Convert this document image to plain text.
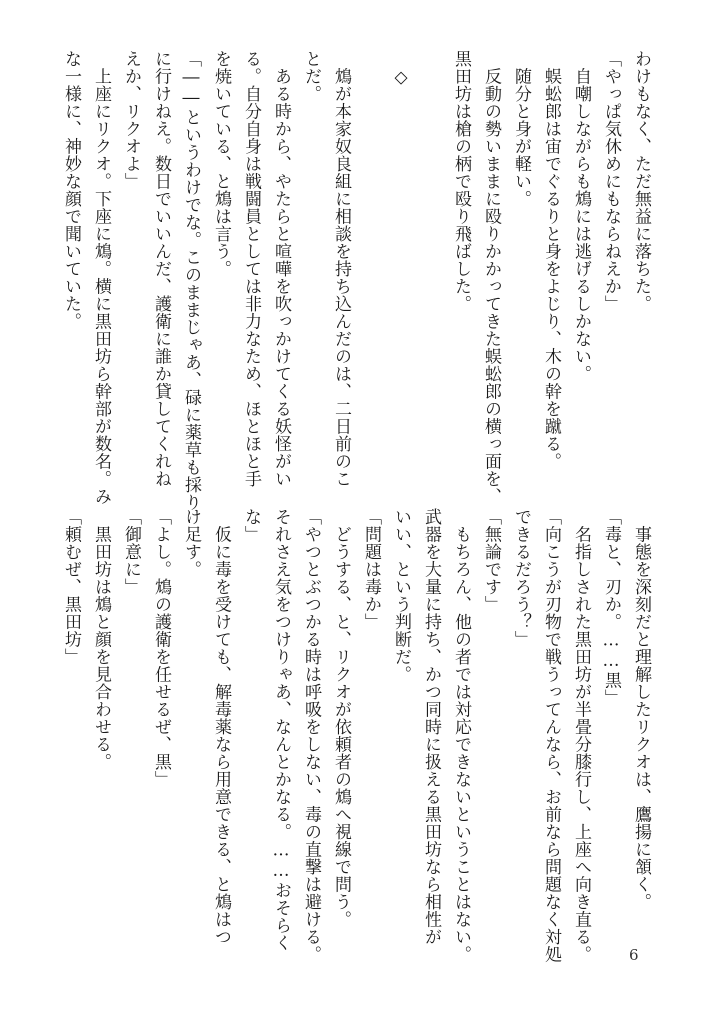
わけもなく、ただ無益に落ちた。
「やっぱ気休めにもならねえか」
　自嘲しながらも鴆には逃げるしかない。
　蜈蚣郎は宙でぐるりと身をよじり、木の幹を蹴る。
　随分と身が軽い。
　反動の勢いままに殴りかかってきた蜈蚣郎の横っ面を、
黒田坊は槍の柄で殴り飛ばした。

　◇

　鴆が本家奴良組に相談を持ち込んだのは、二日前のこ
とだ。
　ある時から、やたらと喧嘩を吹っかけてくる妖怪がい
る。自分自身は戦闘員としては非力なため、ほとほと手
を焼いている、と鴆は言う。
「――というわけでな。このままじゃあ、碌に薬草も採り
に行けねえ。数日でいいんだ、護衛に誰か貸してくれね
えか、リクオよ」
　上座にリクオ。下座に鴆。横に黒田坊ら幹部が数名。み
な一様に、神妙な顔で聞いていた。
　事態を深刻だと理解したリクオは、鷹揚に頷く。
「毒と、刃か。……黒」
　名指しされた黒田坊が半畳分膝行し、上座へ向き直る。
「向こうが刃物で戦うってんなら、お前なら問題なく対処
できるだろう？」
「無論です」
　もちろん、他の者では対応できないということはない。
武器を大量に持ち、かつ同時に扱える黒田坊なら相性が
いい、という判断だ。
「問題は毒か」
　どうする、と、リクオが依頼者の鴆へ視線で問う。
「やつとぶつかる時は呼吸をしない、毒の直撃は避ける。
それさえ気をつけりゃあ、なんとかなる。……おそらく
な」
　仮に毒を受けても、解毒薬なら用意できる、と鴆はつ
け足す。
「よし。鴆の護衛を任せるぜ、黒」
「御意に」
　黒田坊は鴆と顔を見合わせる。
「頼むぜ、黒田坊」
6
